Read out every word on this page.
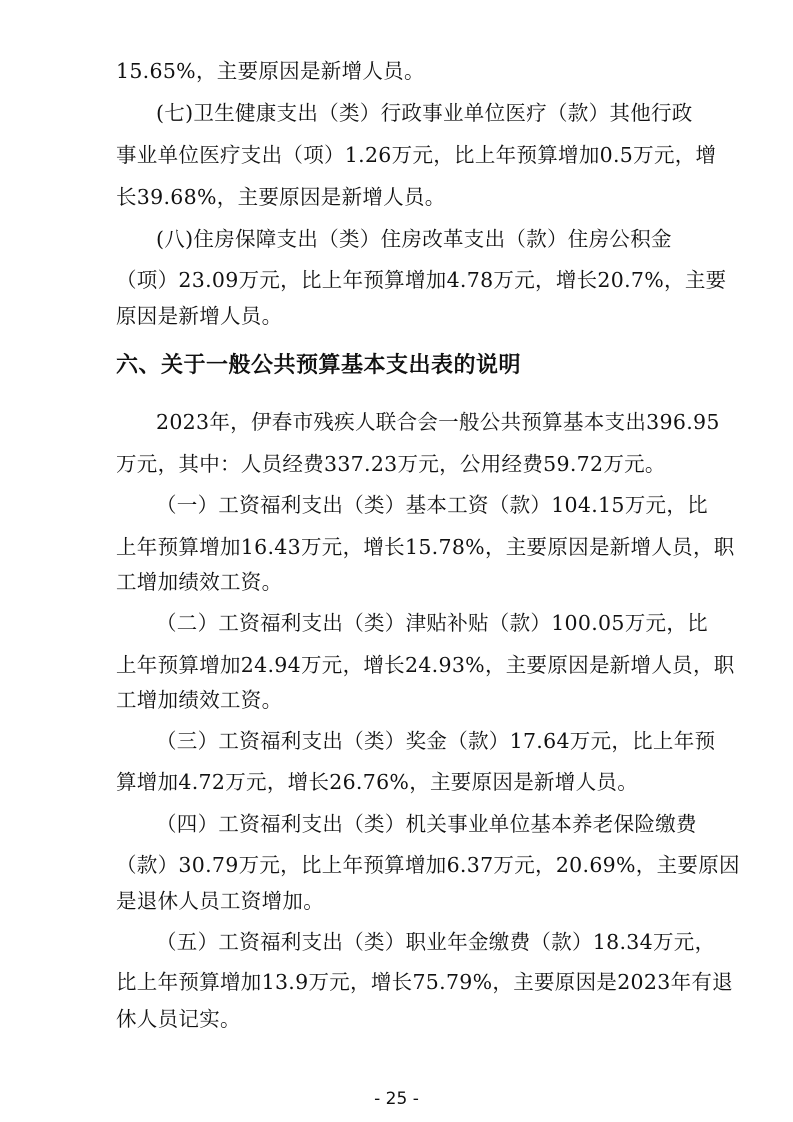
15.65%，主要原因是新增人员。
(七)卫生健康支出（类）行政事业单位医疗（款）其他行政
事业单位医疗支出（项）1.26万元，比上年预算增加0.5万元，增
长39.68%，主要原因是新增人员。
(八)住房保障支出（类）住房改革支出（款）住房公积金
（项）23.09万元，比上年预算增加4.78万元，增长20.7%，主要
原因是新增人员。
六、关于一般公共预算基本支出表的说明
2023年，伊春市残疾人联合会一般公共预算基本支出396.95
万元，其中：人员经费337.23万元，公用经费59.72万元。
（一）工资福利支出（类）基本工资（款）104.15万元，比
上年预算增加16.43万元，增长15.78%，主要原因是新增人员，职
工增加绩效工资。
（二）工资福利支出（类）津贴补贴（款）100.05万元，比
上年预算增加24.94万元，增长24.93%，主要原因是新增人员，职
工增加绩效工资。
（三）工资福利支出（类）奖金（款）17.64万元，比上年预
算增加4.72万元，增长26.76%，主要原因是新增人员。
（四）工资福利支出（类）机关事业单位基本养老保险缴费
（款）30.79万元，比上年预算增加6.37万元，20.69%，主要原因
是退休人员工资增加。
（五）工资福利支出（类）职业年金缴费（款）18.34万元，
比上年预算增加13.9万元，增长75.79%，主要原因是2023年有退
休人员记实。
- 25 -
